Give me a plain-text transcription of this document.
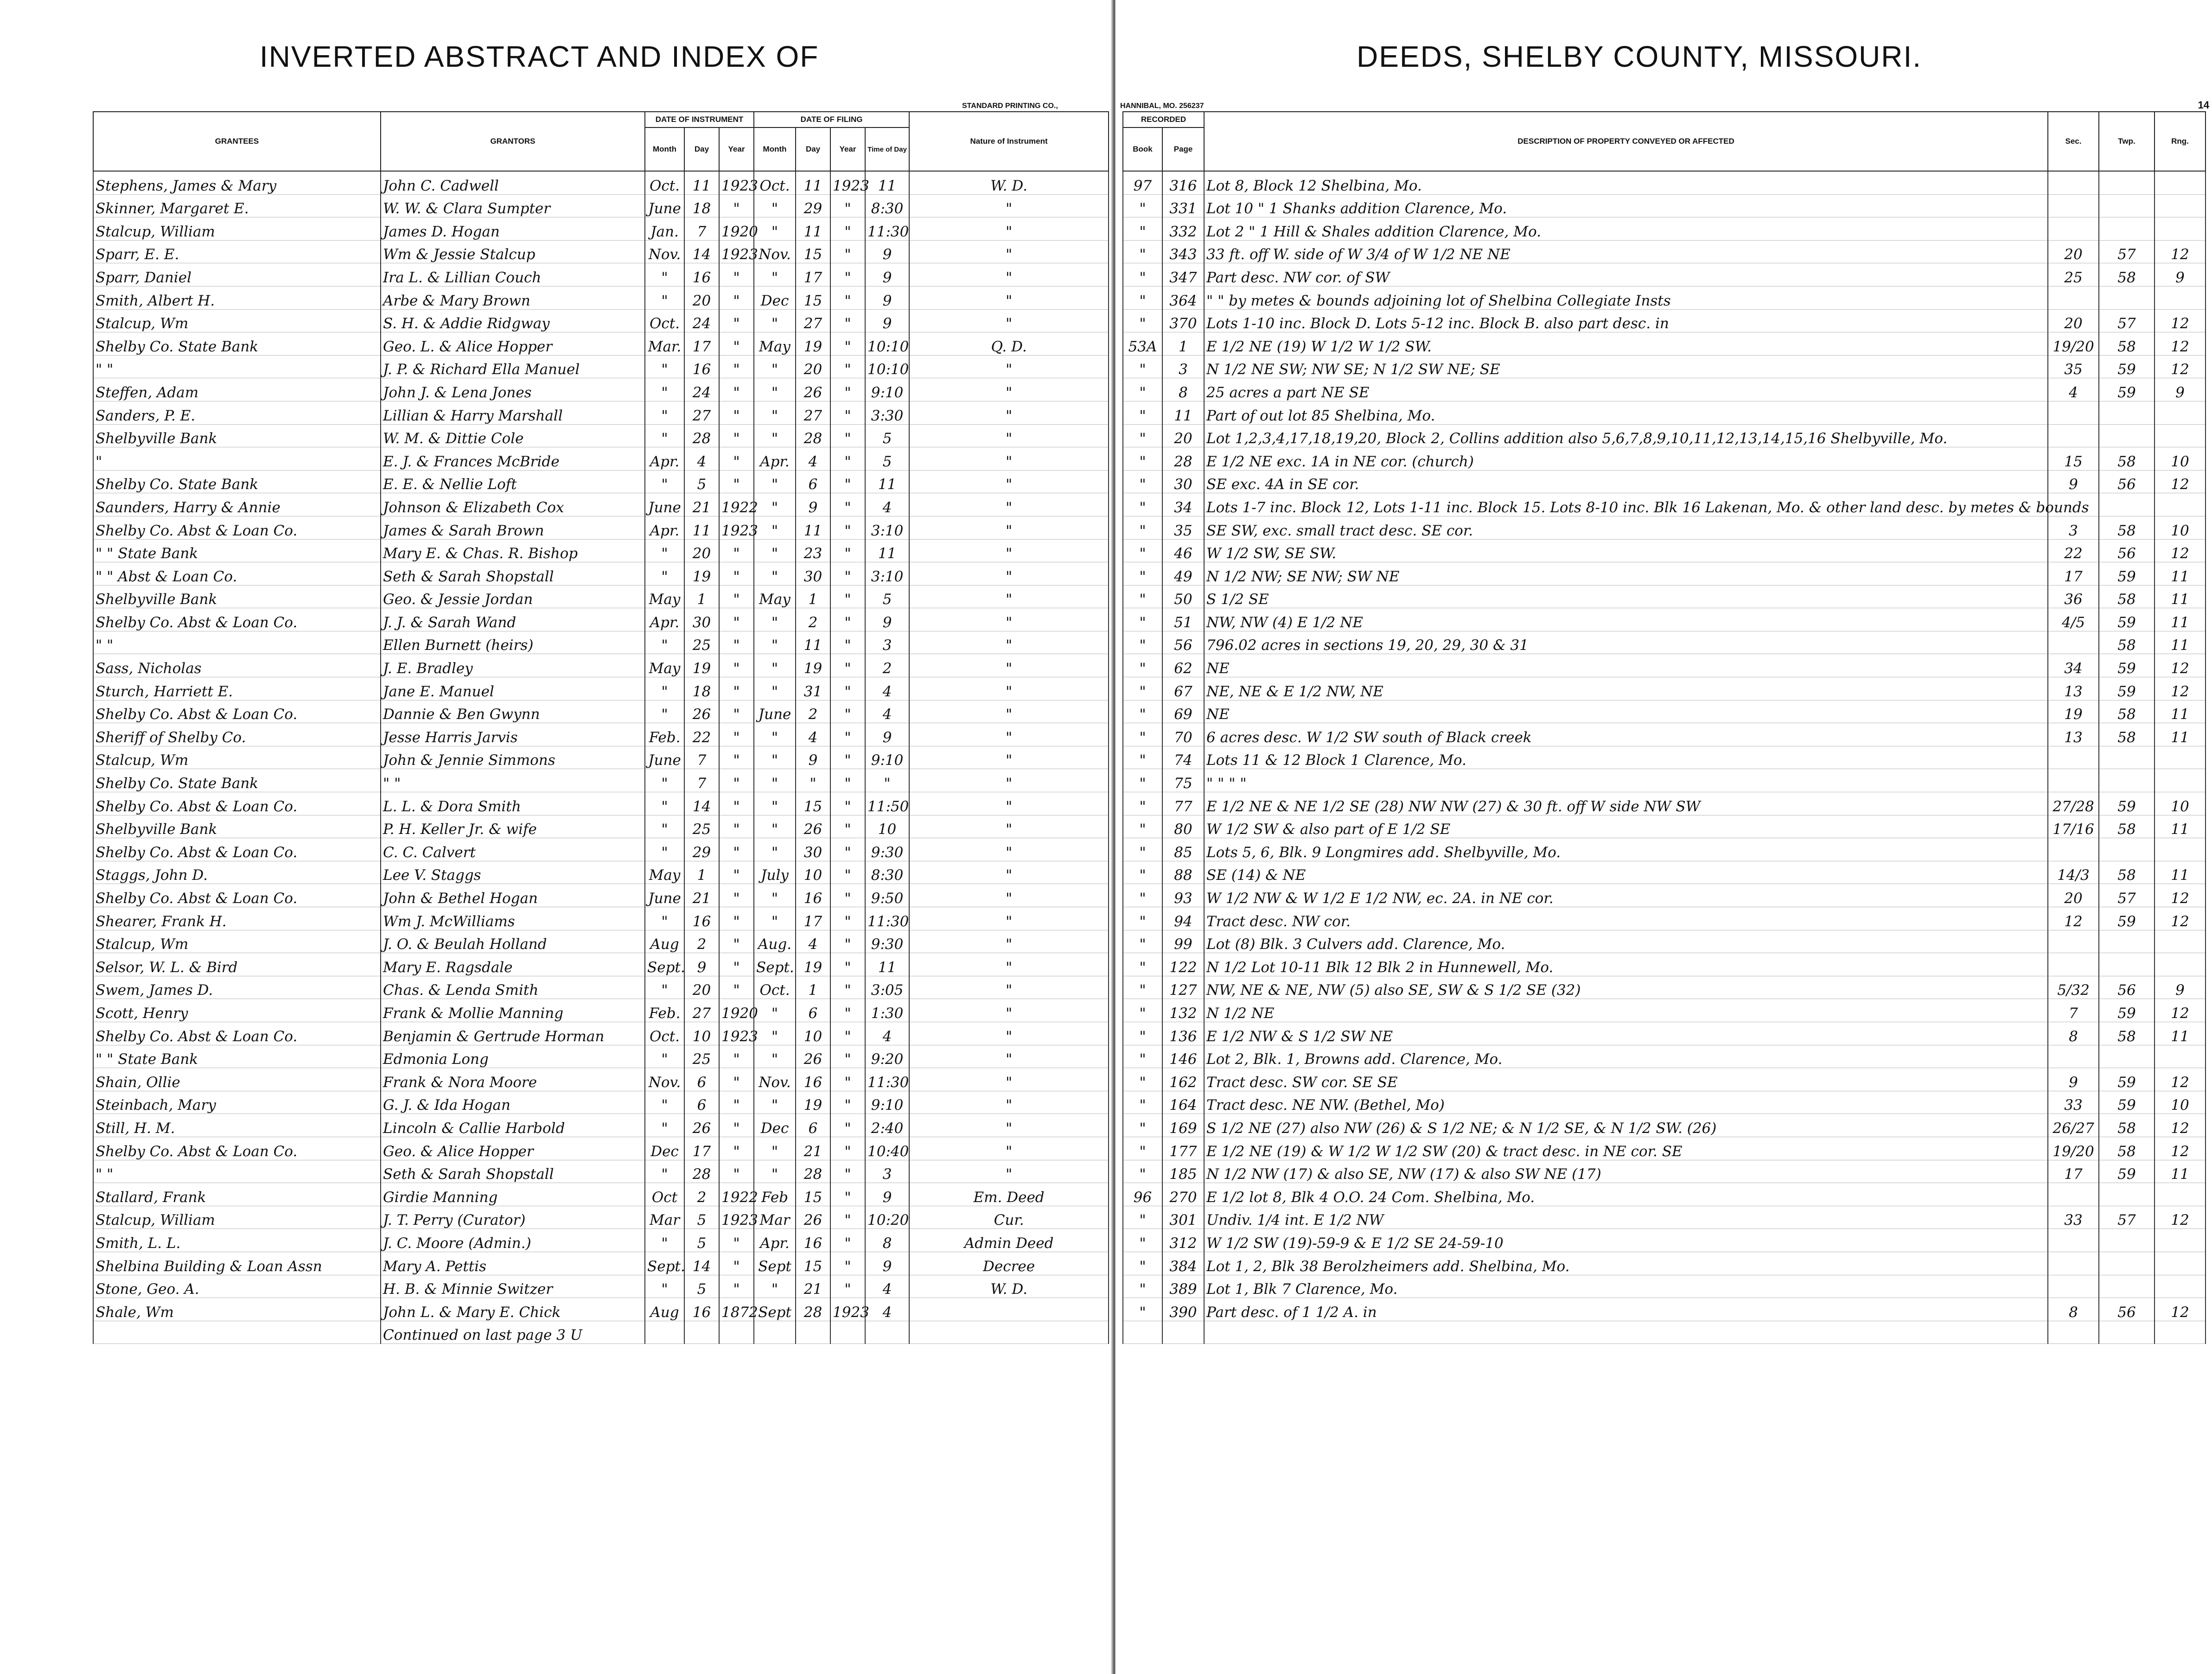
INVERTED ABSTRACT AND INDEX OF
STANDARD PRINTING CO.,
GRANTEES	GRANTORS	DATE OF INSTRUMENT			DATE OF FILING				Nature of Instrument
		Month	Day	Year	Month	Day	Year	Time of Day	
Stephens, James & Mary	John C. Cadwell	Oct.	11	1923	Oct.	11	1923	11	W. D.
Skinner, Margaret E.	W. W. & Clara Sumpter	June	18	"	"	29	"	8:30	"
Stalcup, William	James D. Hogan	Jan.	7	1920	"	11	"	11:30	"
Sparr, E. E.	Wm & Jessie Stalcup	Nov.	14	1923	Nov.	15	"	9	"
Sparr, Daniel	Ira L. & Lillian Couch	"	16	"	"	17	"	9	"
Smith, Albert H.	Arbe & Mary Brown	"	20	"	Dec	15	"	9	"
Stalcup, Wm	S. H. & Addie Ridgway	Oct.	24	"	"	27	"	9	"
Shelby Co. State Bank	Geo. L. & Alice Hopper	Mar.	17	"	May	19	"	10:10	Q. D.
" "	J. P. & Richard Ella Manuel	"	16	"	"	20	"	10:10	"
Steffen, Adam	John J. & Lena Jones	"	24	"	"	26	"	9:10	"
Sanders, P. E.	Lillian & Harry Marshall	"	27	"	"	27	"	3:30	"
Shelbyville Bank	W. M. & Dittie Cole	"	28	"	"	28	"	5	"
"	E. J. & Frances McBride	Apr.	4	"	Apr.	4	"	5	"
Shelby Co. State Bank	E. E. & Nellie Loft	"	5	"	"	6	"	11	"
Saunders, Harry & Annie	Johnson & Elizabeth Cox	June	21	1922	"	9	"	4	"
Shelby Co. Abst & Loan Co.	James & Sarah Brown	Apr.	11	1923	"	11	"	3:10	"
" " State Bank	Mary E. & Chas. R. Bishop	"	20	"	"	23	"	11	"
" " Abst & Loan Co.	Seth & Sarah Shopstall	"	19	"	"	30	"	3:10	"
Shelbyville Bank	Geo. & Jessie Jordan	May	1	"	May	1	"	5	"
Shelby Co. Abst & Loan Co.	J. J. & Sarah Wand	Apr.	30	"	"	2	"	9	"
" "	Ellen Burnett (heirs)	"	25	"	"	11	"	3	"
Sass, Nicholas	J. E. Bradley	May	19	"	"	19	"	2	"
Sturch, Harriett E.	Jane E. Manuel	"	18	"	"	31	"	4	"
Shelby Co. Abst & Loan Co.	Dannie & Ben Gwynn	"	26	"	June	2	"	4	"
Sheriff of Shelby Co.	Jesse Harris Jarvis	Feb.	22	"	"	4	"	9	"
Stalcup, Wm	John & Jennie Simmons	June	7	"	"	9	"	9:10	"
Shelby Co. State Bank	" "	"	7	"	"	"	"	"	"
Shelby Co. Abst & Loan Co.	L. L. & Dora Smith	"	14	"	"	15	"	11:50	"
Shelbyville Bank	P. H. Keller Jr. & wife	"	25	"	"	26	"	10	"
Shelby Co. Abst & Loan Co.	C. C. Calvert	"	29	"	"	30	"	9:30	"
Staggs, John D.	Lee V. Staggs	May	1	"	July	10	"	8:30	"
Shelby Co. Abst & Loan Co.	John & Bethel Hogan	June	21	"	"	16	"	9:50	"
Shearer, Frank H.	Wm J. McWilliams	"	16	"	"	17	"	11:30	"
Stalcup, Wm	J. O. & Beulah Holland	Aug	2	"	Aug.	4	"	9:30	"
Selsor, W. L. & Bird	Mary E. Ragsdale	Sept.	9	"	Sept.	19	"	11	"
Swem, James D.	Chas. & Lenda Smith	"	20	"	Oct.	1	"	3:05	"
Scott, Henry	Frank & Mollie Manning	Feb.	27	1920	"	6	"	1:30	"
Shelby Co. Abst & Loan Co.	Benjamin & Gertrude Horman	Oct.	10	1923	"	10	"	4	"
" " State Bank	Edmonia Long	"	25	"	"	26	"	9:20	"
Shain, Ollie	Frank & Nora Moore	Nov.	6	"	Nov.	16	"	11:30	"
Steinbach, Mary	G. J. & Ida Hogan	"	6	"	"	19	"	9:10	"
Still, H. M.	Lincoln & Callie Harbold	"	26	"	Dec	6	"	2:40	"
Shelby Co. Abst & Loan Co.	Geo. & Alice Hopper	Dec	17	"	"	21	"	10:40	"
" "	Seth & Sarah Shopstall	"	28	"	"	28	"	3	"
Stallard, Frank	Girdie Manning	Oct	2	1922	Feb	15	"	9	Em. Deed
Stalcup, William	J. T. Perry (Curator)	Mar	5	1923	Mar	26	"	10:20	Cur.
Smith, L. L.	J. C. Moore (Admin.)	"	5	"	Apr.	16	"	8	Admin Deed
Shelbina Building & Loan Assn	Mary A. Pettis	Sept.	14	"	Sept	15	"	9	Decree
Stone, Geo. A.	H. B. & Minnie Switzer	"	5	"	"	21	"	4	W. D.
Shale, Wm	John L. & Mary E. Chick	Aug	16	1872	Sept	28	1923	4	
	Continued on last page 3 U								
DEEDS, SHELBY COUNTY, MISSOURI.
HANNIBAL, MO. 256237	14
RECORDED		DESCRIPTION OF PROPERTY CONVEYED OR AFFECTED	Sec.	Twp.	Rng.
Book	Page				
97	316	Lot 8, Block 12 Shelbina, Mo.			
"	331	Lot 10 " 1 Shanks addition Clarence, Mo.			
"	332	Lot 2 " 1 Hill & Shales addition Clarence, Mo.			
"	343	33 ft. off W. side of W 3/4 of W 1/2 NE NE	20	57	12
"	347	Part desc. NW cor. of SW	25	58	9
"	364	" " by metes & bounds adjoining lot of Shelbina Collegiate Insts			
"	370	Lots 1-10 inc. Block D. Lots 5-12 inc. Block B. also part desc. in	20	57	12
53A	1	E 1/2 NE (19) W 1/2 W 1/2 SW.	19/20	58	12
"	3	N 1/2 NE SW; NW SE; N 1/2 SW NE; SE	35	59	12
"	8	25 acres a part NE SE	4	59	9
"	11	Part of out lot 85 Shelbina, Mo.			
"	20	Lot 1,2,3,4,17,18,19,20, Block 2, Collins addition also 5,6,7,8,9,10,11,12,13,14,15,16 Shelbyville, Mo.			
"	28	E 1/2 NE exc. 1A in NE cor. (church)	15	58	10
"	30	SE exc. 4A in SE cor.	9	56	12
"	34	Lots 1-7 inc. Block 12, Lots 1-11 inc. Block 15. Lots 8-10 inc. Blk 16 Lakenan, Mo. & other land desc. by metes & bounds			
"	35	SE SW, exc. small tract desc. SE cor.	3	58	10
"	46	W 1/2 SW, SE SW.	22	56	12
"	49	N 1/2 NW; SE NW; SW NE	17	59	11
"	50	S 1/2 SE	36	58	11
"	51	NW, NW (4) E 1/2 NE	4/5	59	11
"	56	796.02 acres in sections 19, 20, 29, 30 & 31		58	11
"	62	NE	34	59	12
"	67	NE, NE & E 1/2 NW, NE	13	59	12
"	69	NE	19	58	11
"	70	6 acres desc. W 1/2 SW south of Black creek	13	58	11
"	74	Lots 11 & 12 Block 1 Clarence, Mo.			
"	75	" " " "			
"	77	E 1/2 NE & NE 1/2 SE (28) NW NW (27) & 30 ft. off W side NW SW	27/28	59	10
"	80	W 1/2 SW & also part of E 1/2 SE	17/16	58	11
"	85	Lots 5, 6, Blk. 9 Longmires add. Shelbyville, Mo.			
"	88	SE (14) & NE	14/3	58	11
"	93	W 1/2 NW & W 1/2 E 1/2 NW, ec. 2A. in NE cor.	20	57	12
"	94	Tract desc. NW cor.	12	59	12
"	99	Lot (8) Blk. 3 Culvers add. Clarence, Mo.			
"	122	N 1/2 Lot 10-11 Blk 12 Blk 2 in Hunnewell, Mo.			
"	127	NW, NE & NE, NW (5) also SE, SW & S 1/2 SE (32)	5/32	56	9
"	132	N 1/2 NE	7	59	12
"	136	E 1/2 NW & S 1/2 SW NE	8	58	11
"	146	Lot 2, Blk. 1, Browns add. Clarence, Mo.			
"	162	Tract desc. SW cor. SE SE	9	59	12
"	164	Tract desc. NE NW. (Bethel, Mo)	33	59	10
"	169	S 1/2 NE (27) also NW (26) & S 1/2 NE; & N 1/2 SE, & N 1/2 SW. (26)	26/27	58	12
"	177	E 1/2 NE (19) & W 1/2 W 1/2 SW (20) & tract desc. in NE cor. SE	19/20	58	12
"	185	N 1/2 NW (17) & also SE, NW (17) & also SW NE (17)	17	59	11
96	270	E 1/2 lot 8, Blk 4 O.O. 24 Com. Shelbina, Mo.			
"	301	Undiv. 1/4 int. E 1/2 NW	33	57	12
"	312	W 1/2 SW (19)-59-9 & E 1/2 SE 24-59-10			
"	384	Lot 1, 2, Blk 38 Berolzheimers add. Shelbina, Mo.			
"	389	Lot 1, Blk 7 Clarence, Mo.			
"	390	Part desc. of 1 1/2 A. in	8	56	12
